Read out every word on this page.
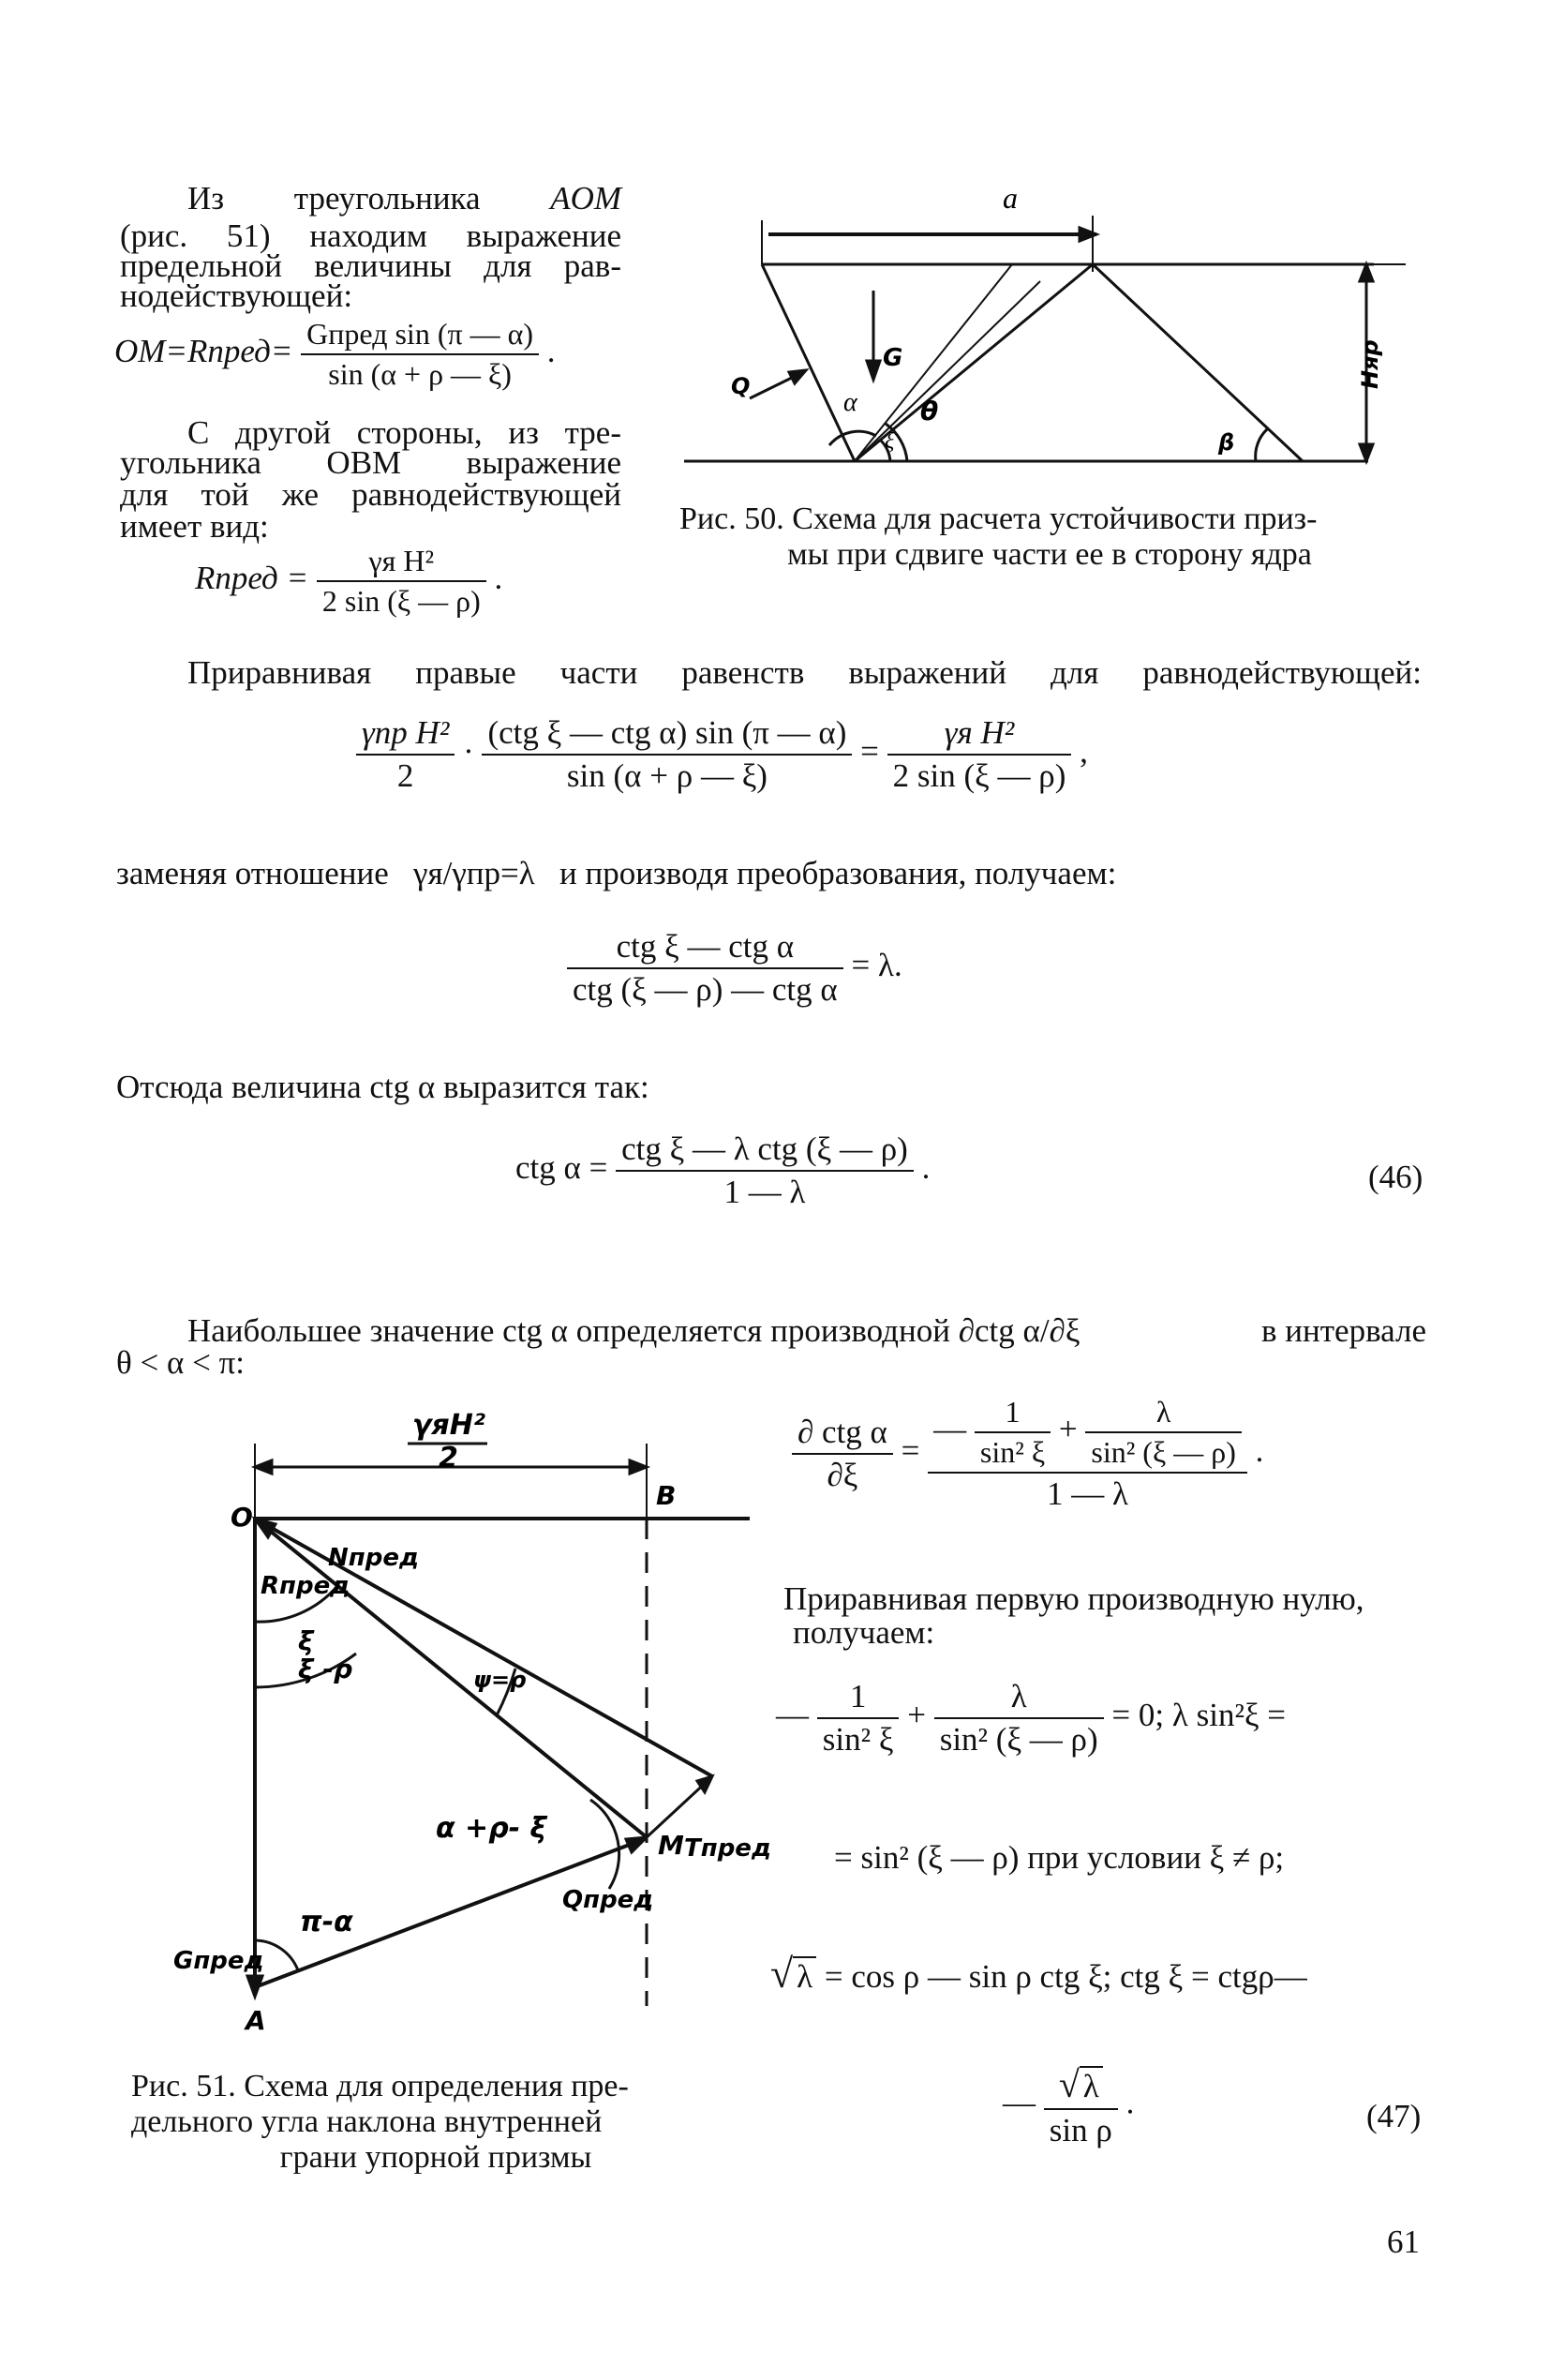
Из треугольника AOM
(рис. 51) находим выражение
предельной величины для рав-
нодействующей:
OM=Rпред= $\frac{\text{Gпред sin (π — α)}}{\sin (\alpha + \rho — \xi)}$ .
С другой стороны, из тре-
угольника ОВМ выражение
для той же равнодействующей
имеет вид:
Rпред = $\frac{\text{γя H²}}{2 \sin (\xi — \rho)}$ .
a
G
Q
α
ξ
θ
β
Hяр
Рис. 50. Схема для расчета устойчивости приз-
мы при сдвиге части ее в сторону ядра
Приравнивая правые части равенств выражений для равнодействующей:
$\frac{\text{γпр H²}}{2} \cdot \frac{\text{(ctg ξ — ctg α) sin (π — α)}}{\sin (\alpha + \rho — \xi)} = \frac{\text{γя H²}}{2 \sin (\xi — \rho)}$ ,
заменяя отношение γя/γпр=λ и производя преобразования, получаем:
$\frac{\text{ctg ξ — ctg α}}{\text{ctg (ξ — ρ) — ctg α}} = \lambda$.
Отсюда величина ctg α выразится так:
ctg $\alpha = \frac{\text{ctg ξ — λ ctg (ξ — ρ)}}{1 — \lambda}$ .	(46)
Наибольшее значение ctg α определяется производной ∂ctg α/∂ξ	в интервале
θ < α < π:
γяH²
2
O
B
Nпред
Rпред
ξ
ξ -ρ	ψ=ρ
α +ρ- ξ
Tпред
M
Qпред
π-α
Gпред
A
Рис. 51. Схема для определения пре-
дельного угла наклона внутренней
грани упорной призмы
$\frac{\text{∂ ctg α}}{\partial\xi} = \frac{— \frac{1}{\text{sin² ξ}} + \frac{\lambda}{\text{sin² (ξ — ρ)}}}{1 — \lambda}$ .
Приравнивая первую производную нулю,
получаем:
— $\frac{1}{\text{sin² ξ}} + \frac{\lambda}{\text{sin² (ξ — ρ)}} = 0$; λ sin²ξ =
= sin² (ξ — ρ) при условии ξ ≠ ρ;
√ λ = cos ρ — sin ρ ctg ξ; ctg ξ = ctgρ—
— $\frac{√ \lambda}{\text{sin ρ}}$ .	(47)
61
